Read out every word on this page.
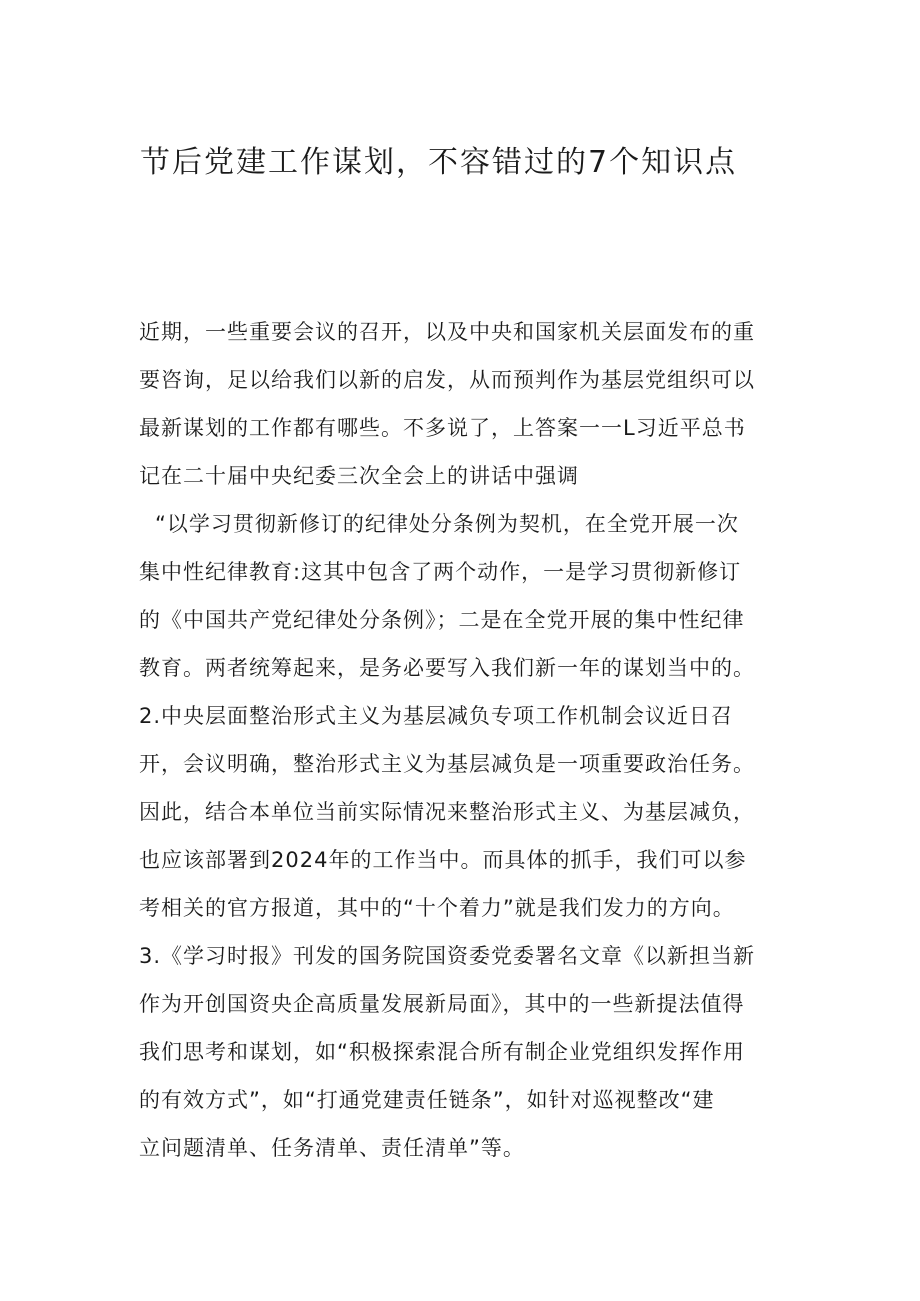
节后党建工作谋划，不容错过的7个知识点
近期，一些重要会议的召开，以及中央和国家机关层面发布的重
要咨询，足以给我们以新的启发，从而预判作为基层党组织可以
最新谋划的工作都有哪些。不多说了，上答案一一L习近平总书
记在二十届中央纪委三次全会上的讲话中强调
“以学习贯彻新修订的纪律处分条例为契机，在全党开展一次
集中性纪律教育:这其中包含了两个动作，一是学习贯彻新修订
的《中国共产党纪律处分条例》；二是在全党开展的集中性纪律
教育。两者统筹起来，是务必要写入我们新一年的谋划当中的。
2.中央层面整治形式主义为基层减负专项工作机制会议近日召
开，会议明确，整治形式主义为基层减负是一项重要政治任务。
因此，结合本单位当前实际情况来整治形式主义、为基层减负，
也应该部署到2024年的工作当中。而具体的抓手，我们可以参
考相关的官方报道，其中的“十个着力”就是我们发力的方向。
3.《学习时报》刊发的国务院国资委党委署名文章《以新担当新
作为开创国资央企高质量发展新局面》，其中的一些新提法值得
我们思考和谋划，如“积极探索混合所有制企业党组织发挥作用
的有效方式”，如“打通党建责任链条”，如针对巡视整改“建
立问题清单、任务清单、责任清单”等。
